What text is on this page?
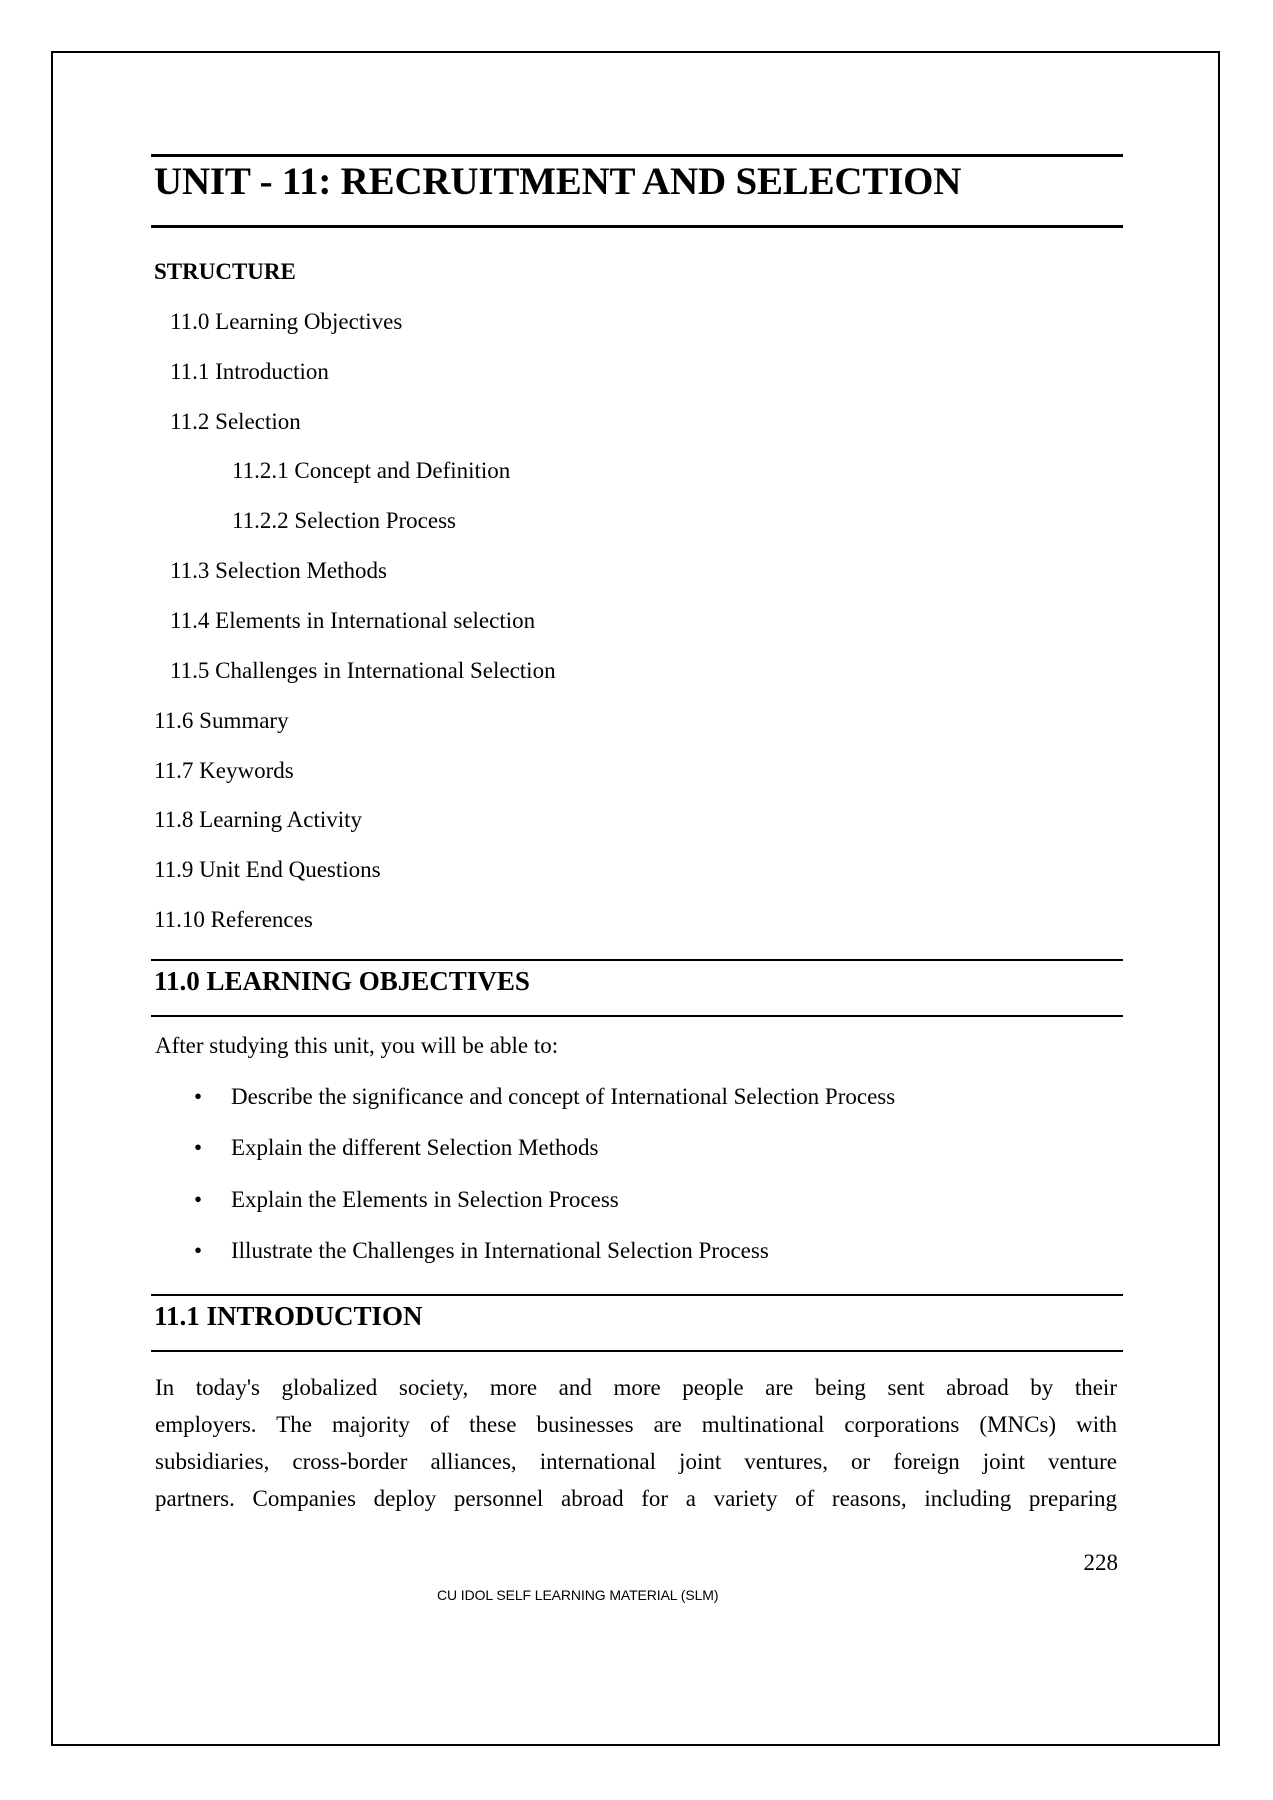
UNIT - 11: RECRUITMENT AND SELECTION
STRUCTURE
11.0 Learning Objectives
11.1 Introduction
11.2 Selection
11.2.1 Concept and Definition
11.2.2 Selection Process
11.3 Selection Methods
11.4 Elements in International selection
11.5 Challenges in International Selection
11.6 Summary
11.7 Keywords
11.8 Learning Activity
11.9 Unit End Questions
11.10 References
11.0 LEARNING OBJECTIVES
After studying this unit, you will be able to:
• Describe the significance and concept of International Selection Process
• Explain the different Selection Methods
• Explain the Elements in Selection Process
• Illustrate the Challenges in International Selection Process
11.1 INTRODUCTION
In today's globalized society, more and more people are being sent abroad by their
employers. The majority of these businesses are multinational corporations (MNCs) with
subsidiaries, cross-border alliances, international joint ventures, or foreign joint venture
partners. Companies deploy personnel abroad for a variety of reasons, including preparing
228
CU IDOL SELF LEARNING MATERIAL (SLM)
